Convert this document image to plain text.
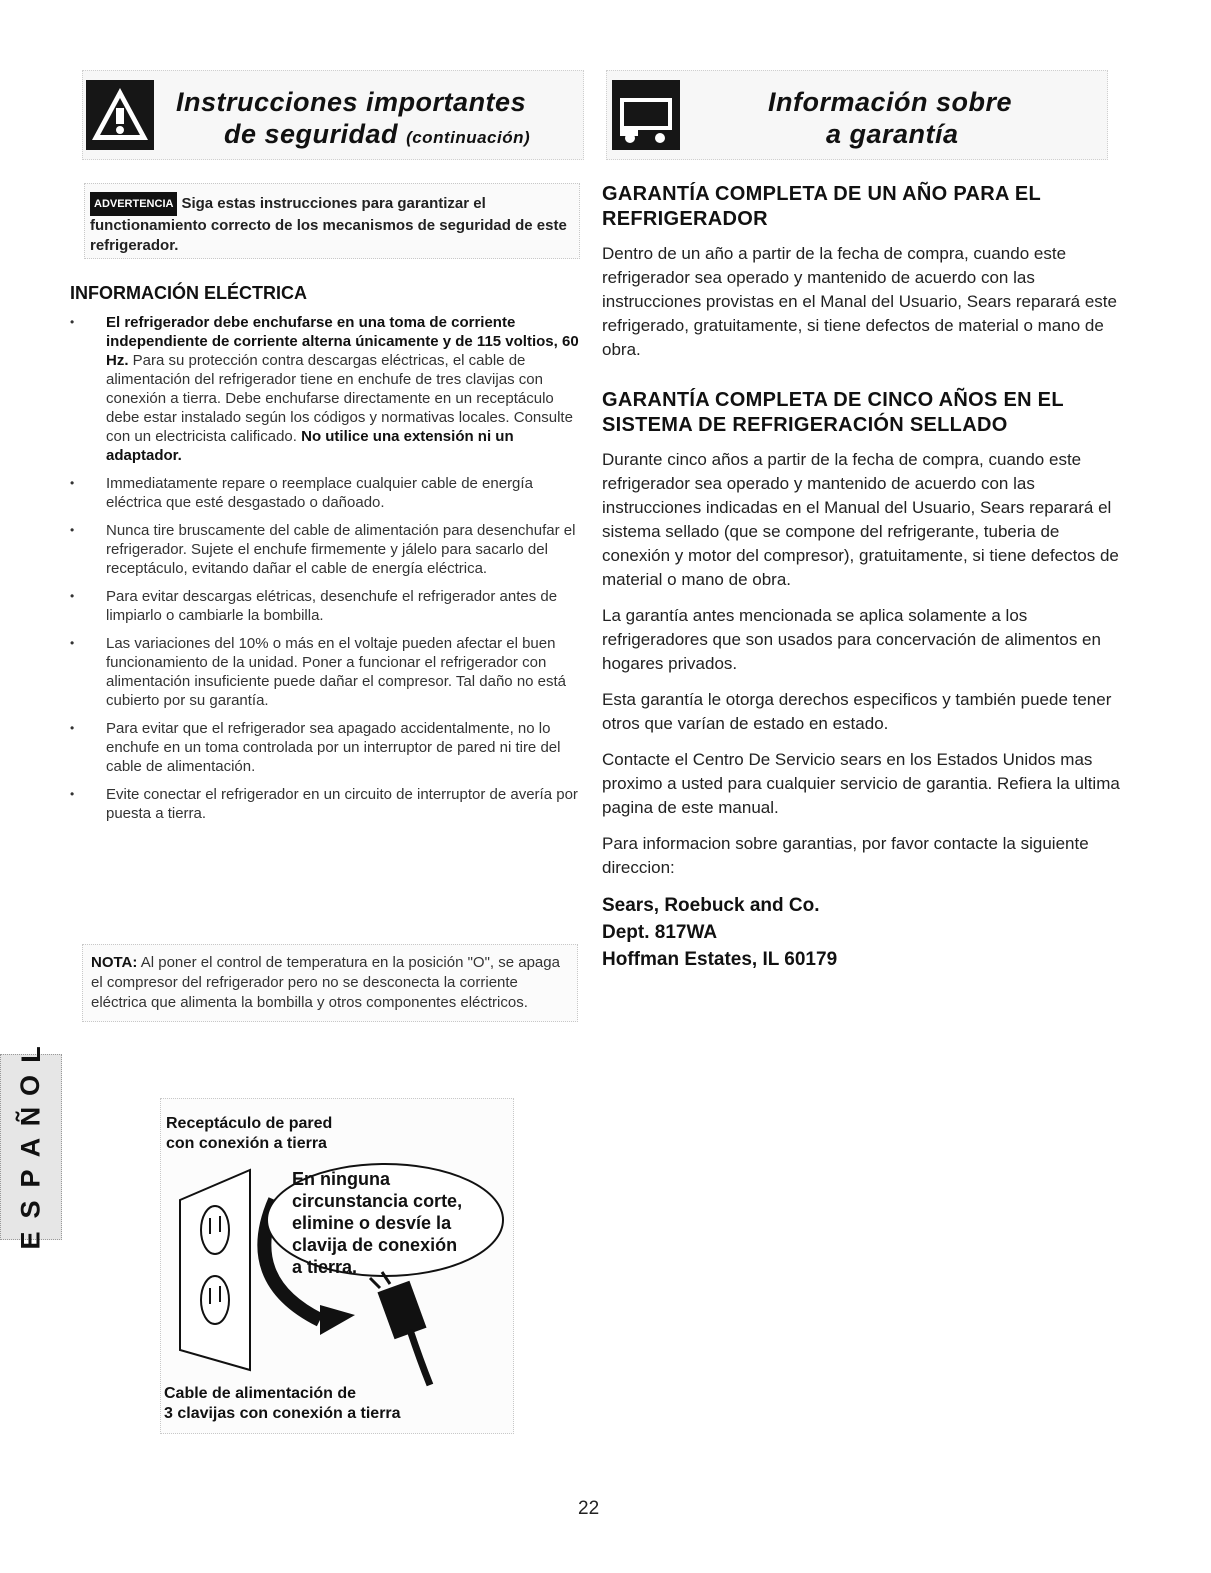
Instrucciones importantes
de seguridad (continuación)
Información sobre
a garantía
ADVERTENCIA Siga estas instrucciones para garantizar el functionamiento correcto de los mecanismos de seguridad de este refrigerador.
INFORMACIÓN ELÉCTRICA
• El refrigerador debe enchufarse en una toma de corriente independiente de corriente alterna únicamente y de 115 voltios, 60 Hz. Para su protección contra descargas eléctricas, el cable de alimentación del refrigerador tiene en enchufe de tres clavijas con conexión a tierra. Debe enchufarse directamente en un receptáculo debe estar instalado según los códigos y normativas locales. Consulte con un electricista calificado. No utilice una extensión ni un adaptador.
• Immediatamente repare o reemplace cualquier cable de energía eléctrica que esté desgastado o dañoado.
• Nunca tire bruscamente del cable de alimentación para desenchufar el refrigerador. Sujete el enchufe firmemente y jálelo para sacarlo del receptáculo, evitando dañar el cable de energía eléctrica.
• Para evitar descargas elétricas, desenchufe el refrigerador antes de limpiarlo o cambiarle la bombilla.
• Las variaciones del 10% o más en el voltaje pueden afectar el buen funcionamiento de la unidad. Poner a funcionar el refrigerador con alimentación insuficiente puede dañar el compresor. Tal daño no está cubierto por su garantía.
• Para evitar que el refrigerador sea apagado accidentalmente, no lo enchufe en un toma controlada por un interruptor de pared ni tire del cable de alimentación.
• Evite conectar el refrigerador en un circuito de interruptor de avería por puesta a tierra.
NOTA: Al poner el control de temperatura en la posición "O", se apaga el compresor del refrigerador pero no se desconecta la corriente eléctrica que alimenta la bombilla y otros componentes eléctricos.
GARANTÍA COMPLETA DE UN AÑO PARA EL REFRIGERADOR

Dentro de un año a partir de la fecha de compra, cuando este refrigerador sea operado y mantenido de acuerdo con las instrucciones provistas en el Manal del Usuario, Sears reparará este refrigerado, gratuitamente, si tiene defectos de material o mano de obra.

GARANTÍA COMPLETA DE CINCO AÑOS EN EL SISTEMA DE REFRIGERACIÓN SELLADO

Durante cinco años a partir de la fecha de compra, cuando este refrigerador sea operado y mantenido de acuerdo con las instrucciones indicadas en el Manual del Usuario, Sears reparará el sistema sellado (que se compone del refrigerante, tuberia de conexión y motor del compresor), gratuitamente, si tiene defectos de material o mano de obra.

La garantía antes mencionada se aplica solamente a los refrigeradores que son usados para concervación de alimentos en hogares privados.

Esta garantía le otorga derechos especificos y también puede tener otros que varían de estado en estado.

Contacte el Centro De Servicio sears en los Estados Unidos mas proximo a usted para cualquier servicio de garantia. Refiera la ultima pagina de este manual.

Para informacion sobre garantias, por favor contacte la siguiente direccion:

Sears, Roebuck and Co.
Dept. 817WA
Hoffman Estates, IL 60179
E
S
P
A
Ñ
O
L
Receptáculo de pared
con conexión a tierra
En ninguna
circunstancia corte,
elimine o desvíe la
clavija de conexión
a tierra.
Cable de alimentación de
3 clavijas con conexión a tierra
22
